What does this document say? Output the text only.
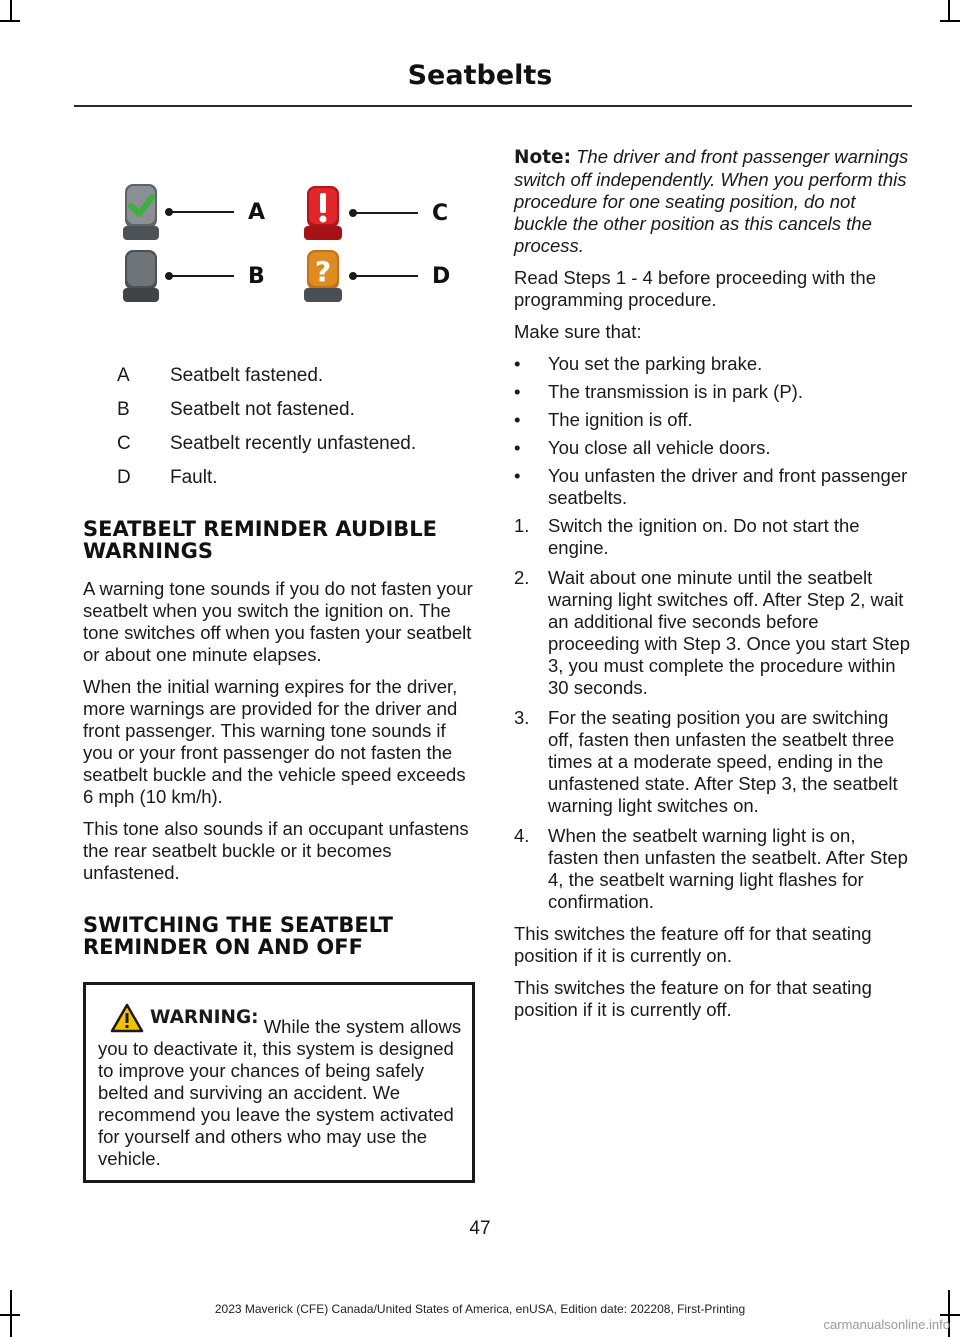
Seatbelts
A
B
C
?	D
A	Seatbelt fastened.
B	Seatbelt not fastened.
C	Seatbelt recently unfastened.
D	Fault.
SEATBELT REMINDER AUDIBLE WARNINGS

A warning tone sounds if you do not fasten your seatbelt when you switch the ignition on. The tone switches off when you fasten your seatbelt or about one minute elapses.

When the initial warning expires for the driver, more warnings are provided for the driver and front passenger. This warning tone sounds if you or your front passenger do not fasten the seatbelt buckle and the vehicle speed exceeds 6 mph (10 km/h).

This tone also sounds if an occupant unfastens the rear seatbelt buckle or it becomes unfastened.

SWITCHING THE SEATBELT REMINDER ON AND OFF
WARNING: While the system allows you to deactivate it, this system is designed to improve your chances of being safely belted and surviving an accident. We recommend you leave the system activated for yourself and others who may use the vehicle.

Note: The driver and front passenger warnings switch off independently. When you perform this procedure for one seating position, do not buckle the other position as this cancels the process.

Read Steps 1 - 4 before proceeding with the programming procedure.

Make sure that:

•	You set the parking brake.
•	The transmission is in park (P).
•	The ignition is off.
•	You close all vehicle doors.
•	You unfasten the driver and front passenger seatbelts.
1.	Switch the ignition on. Do not start the engine.
2.	Wait about one minute until the seatbelt warning light switches off. After Step 2, wait an additional five seconds before proceeding with Step 3. Once you start Step 3, you must complete the procedure within 30 seconds.
3.	For the seating position you are switching off, fasten then unfasten the seatbelt three times at a moderate speed, ending in the unfastened state. After Step 3, the seatbelt warning light switches on.
4.	When the seatbelt warning light is on, fasten then unfasten the seatbelt. After Step 4, the seatbelt warning light flashes for confirmation.

This switches the feature off for that seating position if it is currently on.

This switches the feature on for that seating position if it is currently off.

47
2023 Maverick (CFE) Canada/United States of America, enUSA, Edition date: 202208, First-Printing
carmanualsonline.info
